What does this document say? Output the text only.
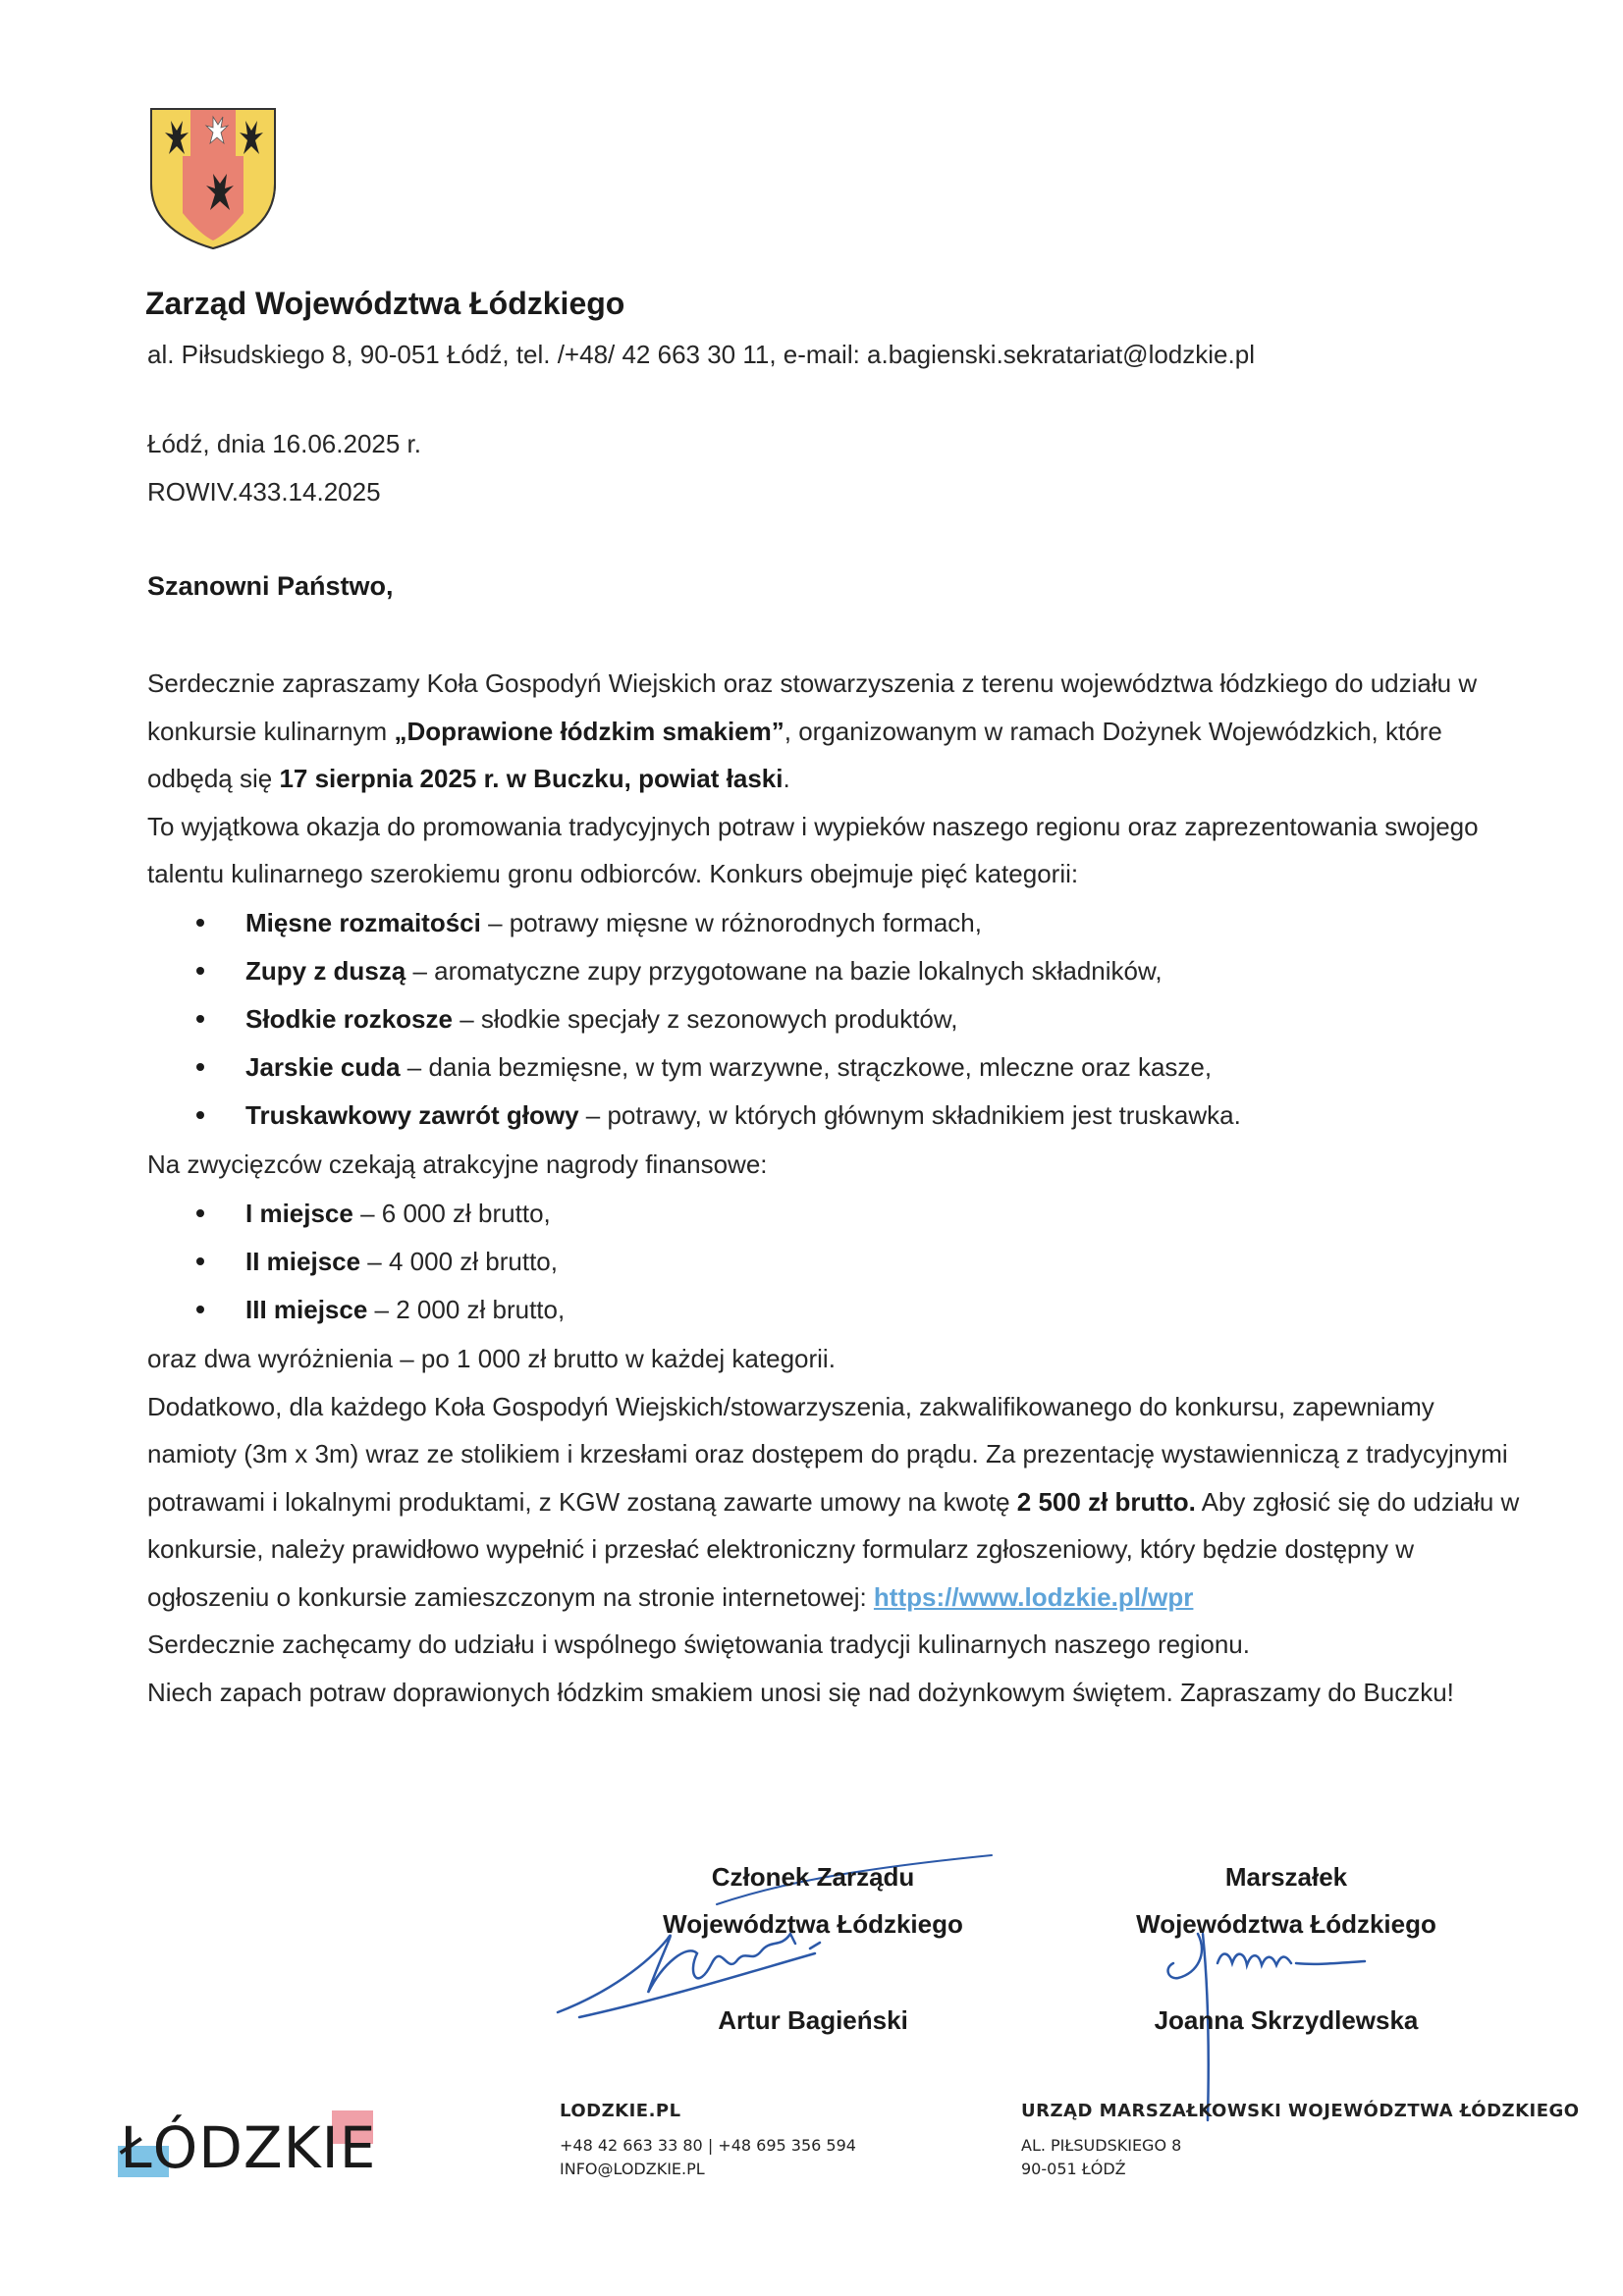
Zarząd Województwa Łódzkiego
al. Piłsudskiego 8, 90-051 Łódź, tel. /+48/ 42 663 30 11, e-mail: a.bagienski.sekratariat@lodzkie.pl
Łódź, dnia 16.06.2025 r.
ROWIV.433.14.2025
Szanowni Państwo,
Serdecznie zapraszamy Koła Gospodyń Wiejskich oraz stowarzyszenia z terenu województwa łódzkiego do udziału w konkursie kulinarnym „Doprawione łódzkim smakiem”, organizowanym w ramach Dożynek Wojewódzkich, które odbędą się 17 sierpnia 2025 r. w Buczku, powiat łaski.
To wyjątkowa okazja do promowania tradycyjnych potraw i wypieków naszego regionu oraz zaprezentowania swojego talentu kulinarnego szerokiemu gronu odbiorców. Konkurs obejmuje pięć kategorii:
Mięsne rozmaitości – potrawy mięsne w różnorodnych formach,
Zupy z duszą – aromatyczne zupy przygotowane na bazie lokalnych składników,
Słodkie rozkosze – słodkie specjały z sezonowych produktów,
Jarskie cuda – dania bezmięsne, w tym warzywne, strączkowe, mleczne oraz kasze,
Truskawkowy zawrót głowy – potrawy, w których głównym składnikiem jest truskawka.
Na zwycięzców czekają atrakcyjne nagrody finansowe:
I miejsce – 6 000 zł brutto,
II miejsce – 4 000 zł brutto,
III miejsce – 2 000 zł brutto,
oraz dwa wyróżnienia – po 1 000 zł brutto w każdej kategorii.
Dodatkowo, dla każdego Koła Gospodyń Wiejskich/stowarzyszenia, zakwalifikowanego do konkursu, zapewniamy namioty (3m x 3m) wraz ze stolikiem i krzesłami oraz dostępem do prądu. Za prezentację wystawienniczą z tradycyjnymi potrawami i lokalnymi produktami, z KGW zostaną zawarte umowy na kwotę 2 500 zł brutto. Aby zgłosić się do udziału w konkursie, należy prawidłowo wypełnić i przesłać elektroniczny formularz zgłoszeniowy, który będzie dostępny w ogłoszeniu o konkursie zamieszczonym na stronie internetowej: https://www.lodzkie.pl/wpr
Serdecznie zachęcamy do udziału i wspólnego świętowania tradycji kulinarnych naszego regionu.
Niech zapach potraw doprawionych łódzkim smakiem unosi się nad dożynkowym świętem. Zapraszamy do Buczku!
Członek Zarządu
Województwa Łódzkiego
Artur Bagieński
Marszałek
Województwa Łódzkiego
Joanna Skrzydlewska
ŁÓDZKIE
LODZKIE.PL
+48 42 663 33 80 | +48 695 356 594
INFO@LODZKIE.PL
URZĄD MARSZAŁKOWSKI WOJEWÓDZTWA ŁÓDZKIEGO
AL. PIŁSUDSKIEGO 8
90-051 ŁÓDŹ
